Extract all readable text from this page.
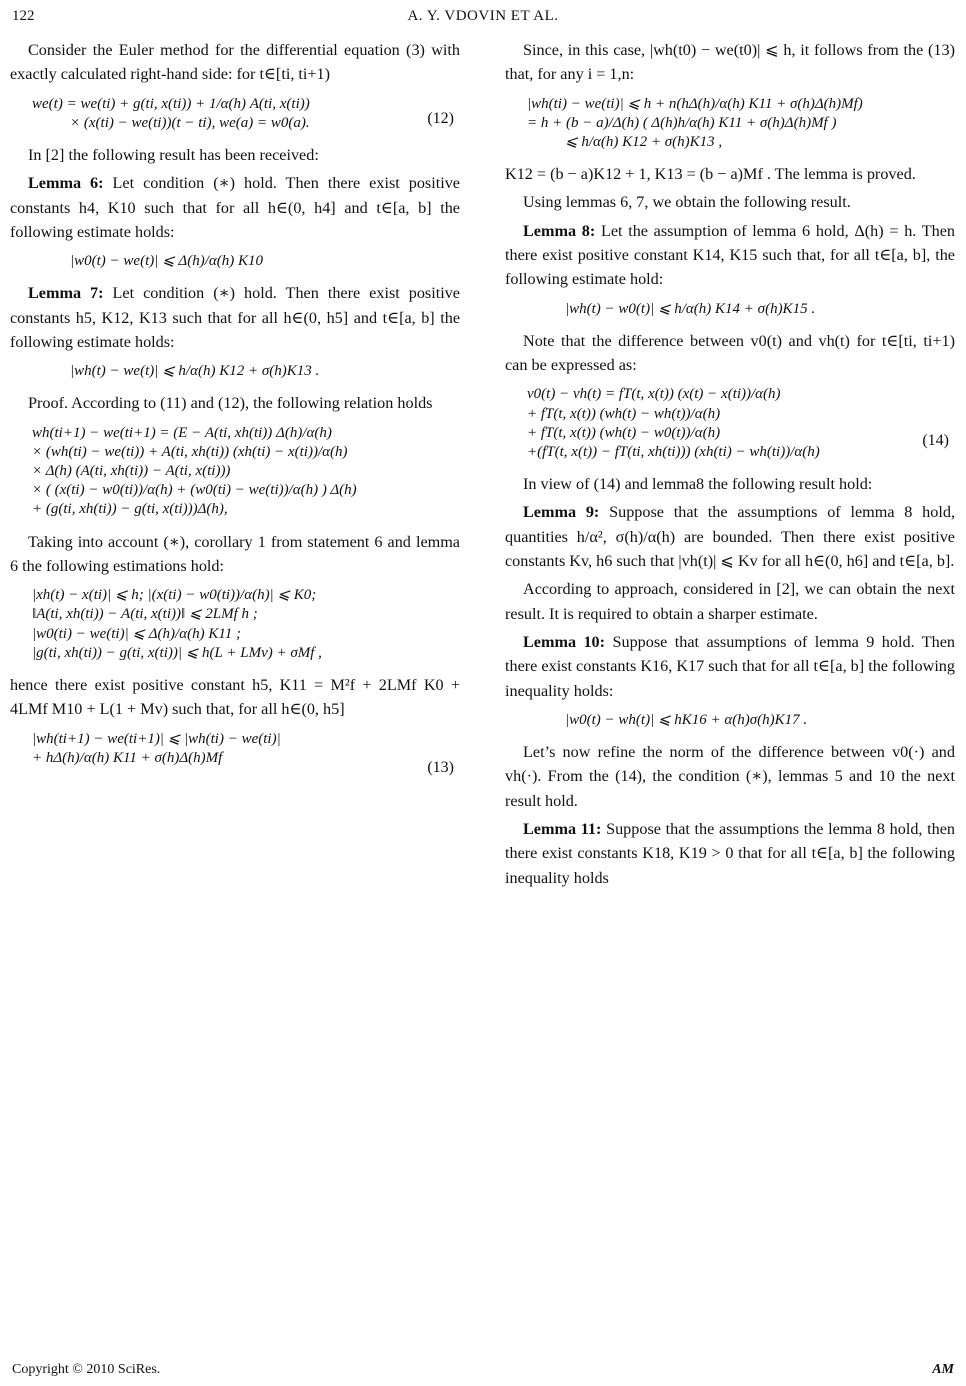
122	A. Y. VDOVIN ET AL.

Consider the Euler method for the differential equation (3) with exactly calculated right-hand side: for t∈[ti, ti+1)

(12)
we(t) = we(ti) + g(ti, x(ti)) + 1/α(h) A(ti, x(ti))
× (x(ti) − we(ti))(t − ti), we(a) = w0(a).

In [2] the following result has been received:

Lemma 6: Let condition (∗) hold. Then there exist positive constants h4, K10 such that for all h∈(0, h4] and t∈[a, b] the following estimate holds:

|w0(t) − we(t)| ⩽ Δ(h)/α(h) K10

Lemma 7: Let condition (∗) hold. Then there exist positive constants h5, K12, K13 such that for all h∈(0, h5] and t∈[a, b] the following estimate holds:

|wh(t) − we(t)| ⩽ h/α(h) K12 + σ(h)K13 .

Proof. According to (11) and (12), the following relation holds

wh(ti+1) − we(ti+1) = (E − A(ti, xh(ti)) Δ(h)/α(h)
× (wh(ti) − we(ti)) + A(ti, xh(ti)) (xh(ti) − x(ti))/α(h)
× Δ(h) (A(ti, xh(ti)) − A(ti, x(ti)))
× ( (x(ti) − w0(ti))/α(h) + (w0(ti) − we(ti))/α(h) ) Δ(h)
+ (g(ti, xh(ti)) − g(ti, x(ti)))Δ(h),

Taking into account (∗), corollary 1 from statement 6 and lemma 6 the following estimations hold:

|xh(t) − x(ti)| ⩽ h; |(x(ti) − w0(ti))/α(h)| ⩽ K0;
‖A(ti, xh(ti)) − A(ti, x(ti))‖ ⩽ 2LMf h ;
|w0(ti) − we(ti)| ⩽ Δ(h)/α(h) K11 ;
|g(ti, xh(ti)) − g(ti, x(ti))| ⩽ h(L + LMv) + σMf ,

hence there exist positive constant h5, K11 = M²f + 2LMf K0 + 4LMf M10 + L(1 + Mv) such that, for all h∈(0, h5]

(13)
|wh(ti+1) − we(ti+1)| ⩽ |wh(ti) − we(ti)|
+ hΔ(h)/α(h) K11 + σ(h)Δ(h)Mf

Since, in this case, |wh(t0) − we(t0)| ⩽ h, it follows from the (13) that, for any i = 1,n:

|wh(ti) − we(ti)| ⩽ h + n(hΔ(h)/α(h) K11 + σ(h)Δ(h)Mf)
= h + (b − a)/Δ(h) ( Δ(h)h/α(h) K11 + σ(h)Δ(h)Mf )
⩽ h/α(h) K12 + σ(h)K13 ,

K12 = (b − a)K12 + 1, K13 = (b − a)Mf . The lemma is proved.

Using lemmas 6, 7, we obtain the following result.

Lemma 8: Let the assumption of lemma 6 hold, Δ(h) = h. Then there exist positive constant K14, K15 such that, for all t∈[a, b], the following estimate hold:

|wh(t) − w0(t)| ⩽ h/α(h) K14 + σ(h)K15 .

Note that the difference between v0(t) and vh(t) for t∈[ti, ti+1) can be expressed as:

(14)
v0(t) − vh(t) = fT(t, x(t)) (x(t) − x(ti))/α(h)
+ fT(t, x(t)) (wh(t) − wh(t))/α(h)
+ fT(t, x(t)) (wh(t) − w0(t))/α(h)
+(fT(t, x(t)) − fT(ti, xh(ti))) (xh(ti) − wh(ti))/α(h)

In view of (14) and lemma8 the following result hold:

Lemma 9: Suppose that the assumptions of lemma 8 hold, quantities h/α², σ(h)/α(h) are bounded. Then there exist positive constants Kv, h6 such that |vh(t)| ⩽ Kv for all h∈(0, h6] and t∈[a, b].

According to approach, considered in [2], we can obtain the next result. It is required to obtain a sharper estimate.

Lemma 10: Suppose that assumptions of lemma 9 hold. Then there exist constants K16, K17 such that for all t∈[a, b] the following inequality holds:

|w0(t) − wh(t)| ⩽ hK16 + α(h)σ(h)K17 .

Let’s now refine the norm of the difference between v0(·) and vh(·). From the (14), the condition (∗), lemmas 5 and 10 the next result hold.

Lemma 11: Suppose that the assumptions the lemma 8 hold, then there exist constants K18, K19 > 0 that for all t∈[a, b] the following inequality holds

Copyright © 2010 SciRes.	AM
